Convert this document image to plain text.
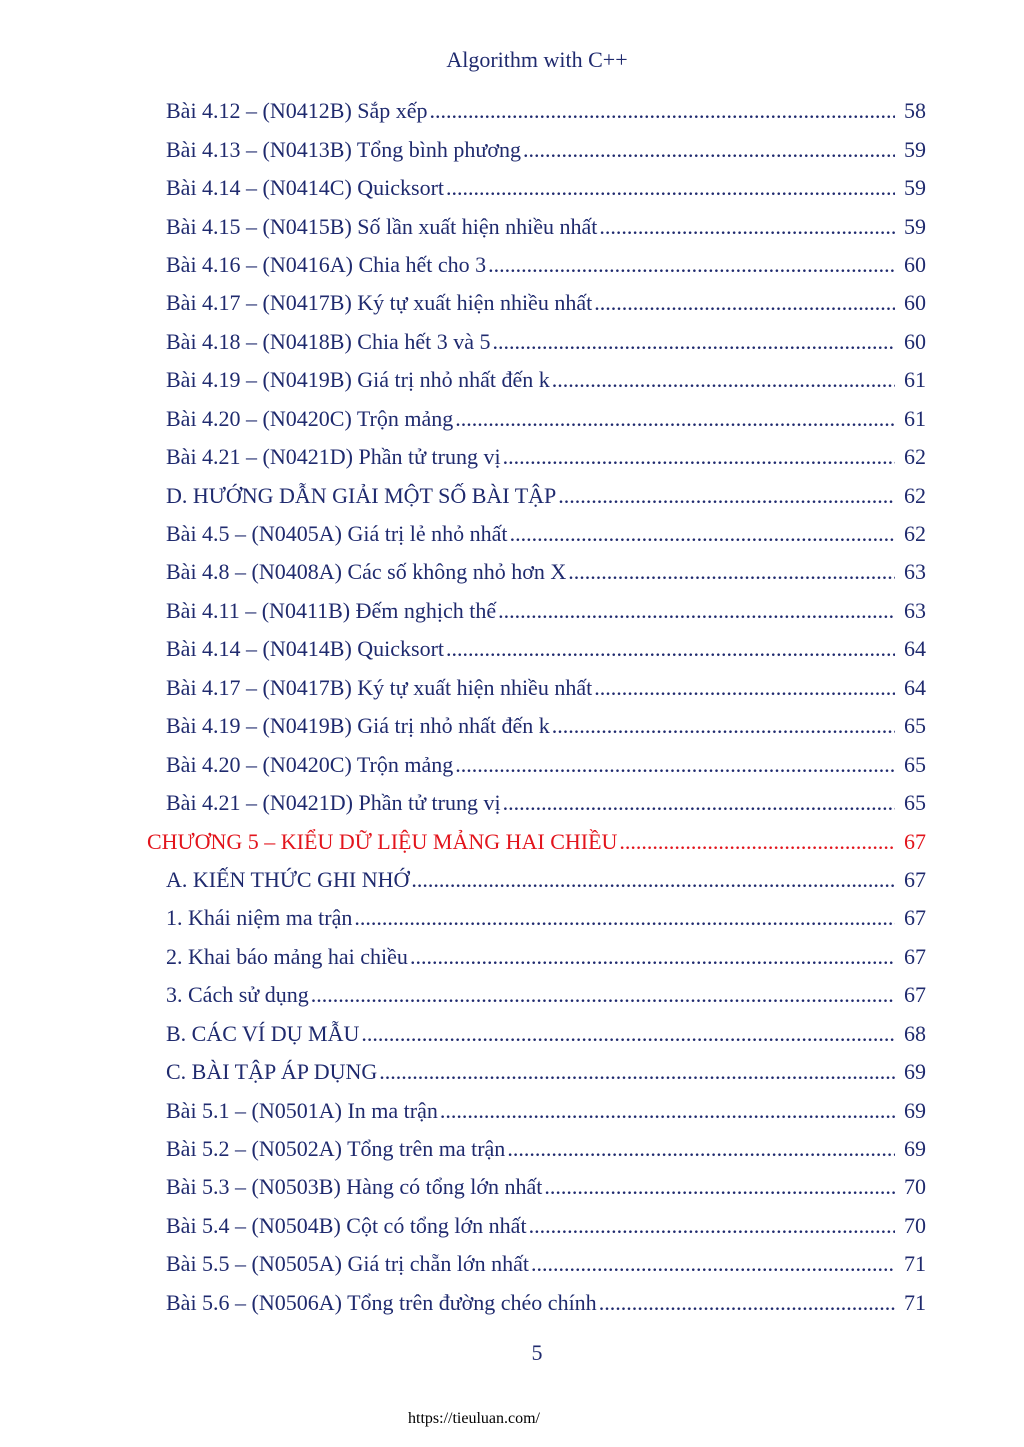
Algorithm with C++
Bài 4.12 – (N0412B) Sắp xếp .....	58
Bài 4.13 – (N0413B) Tổng bình phương .....	59
Bài 4.14 – (N0414C) Quicksort .....	59
Bài 4.15 – (N0415B) Số lần xuất hiện nhiều nhất .....	59
Bài 4.16 – (N0416A) Chia hết cho 3 .....	60
Bài 4.17 – (N0417B) Ký tự xuất hiện nhiều nhất .....	60
Bài 4.18 – (N0418B) Chia hết 3 và 5 .....	60
Bài 4.19 – (N0419B) Giá trị nhỏ nhất đến k .....	61
Bài 4.20 – (N0420C) Trộn mảng .....	61
Bài 4.21 – (N0421D) Phần tử trung vị .....	62
D. HƯỚNG DẪN GIẢI MỘT SỐ BÀI TẬP .....	62
Bài 4.5 – (N0405A) Giá trị lẻ nhỏ nhất .....	62
Bài 4.8 – (N0408A) Các số không nhỏ hơn X .....	63
Bài 4.11 – (N0411B) Đếm nghịch thế .....	63
Bài 4.14 – (N0414B) Quicksort .....	64
Bài 4.17 – (N0417B) Ký tự xuất hiện nhiều nhất .....	64
Bài 4.19 – (N0419B) Giá trị nhỏ nhất đến k .....	65
Bài 4.20 – (N0420C) Trộn mảng .....	65
Bài 4.21 – (N0421D) Phần tử trung vị .....	65
CHƯƠNG 5 – KIỂU DỮ LIỆU MẢNG HAI CHIỀU .....	67
A. KIẾN THỨC GHI NHỚ .....	67
1. Khái niệm ma trận .....	67
2. Khai báo mảng hai chiều .....	67
3. Cách sử dụng .....	67
B. CÁC VÍ DỤ MẪU .....	68
C. BÀI TẬP ÁP DỤNG .....	69
Bài 5.1 – (N0501A) In ma trận .....	69
Bài 5.2 – (N0502A) Tổng trên ma trận .....	69
Bài 5.3 – (N0503B) Hàng có tổng lớn nhất .....	70
Bài 5.4 – (N0504B) Cột có tổng lớn nhất .....	70
Bài 5.5 – (N0505A) Giá trị chẵn lớn nhất .....	71
Bài 5.6 – (N0506A) Tổng trên đường chéo chính .....	71
5
https://tieuluan.com/
